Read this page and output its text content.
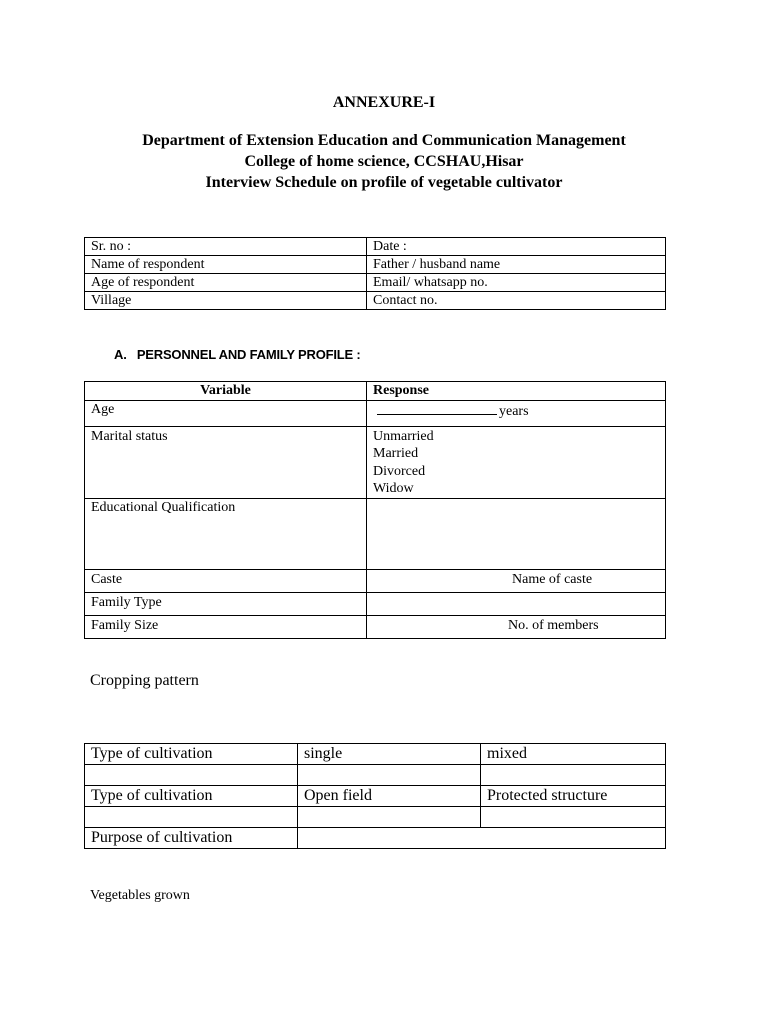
ANNEXURE-I
Department of Extension Education and Communication Management
College of home science, CCSHAU,Hisar
Interview Schedule on profile of vegetable cultivator
Sr. no :	Date :
Name of respondent	Father / husband name
Age of respondent	Email/ whatsapp no.
Village	Contact no.
A.   PERSONNEL AND FAMILY PROFILE :
Variable	Response
Age	years
Marital status	Unmarried
Married
Divorced
Widow

Educational Qualification	
Caste	Name of caste
Family Type	
Family Size	No. of members
Cropping pattern
Type of cultivation	single	mixed

Type of cultivation	Open field	Protected structure

Purpose of cultivation		
Vegetables grown
